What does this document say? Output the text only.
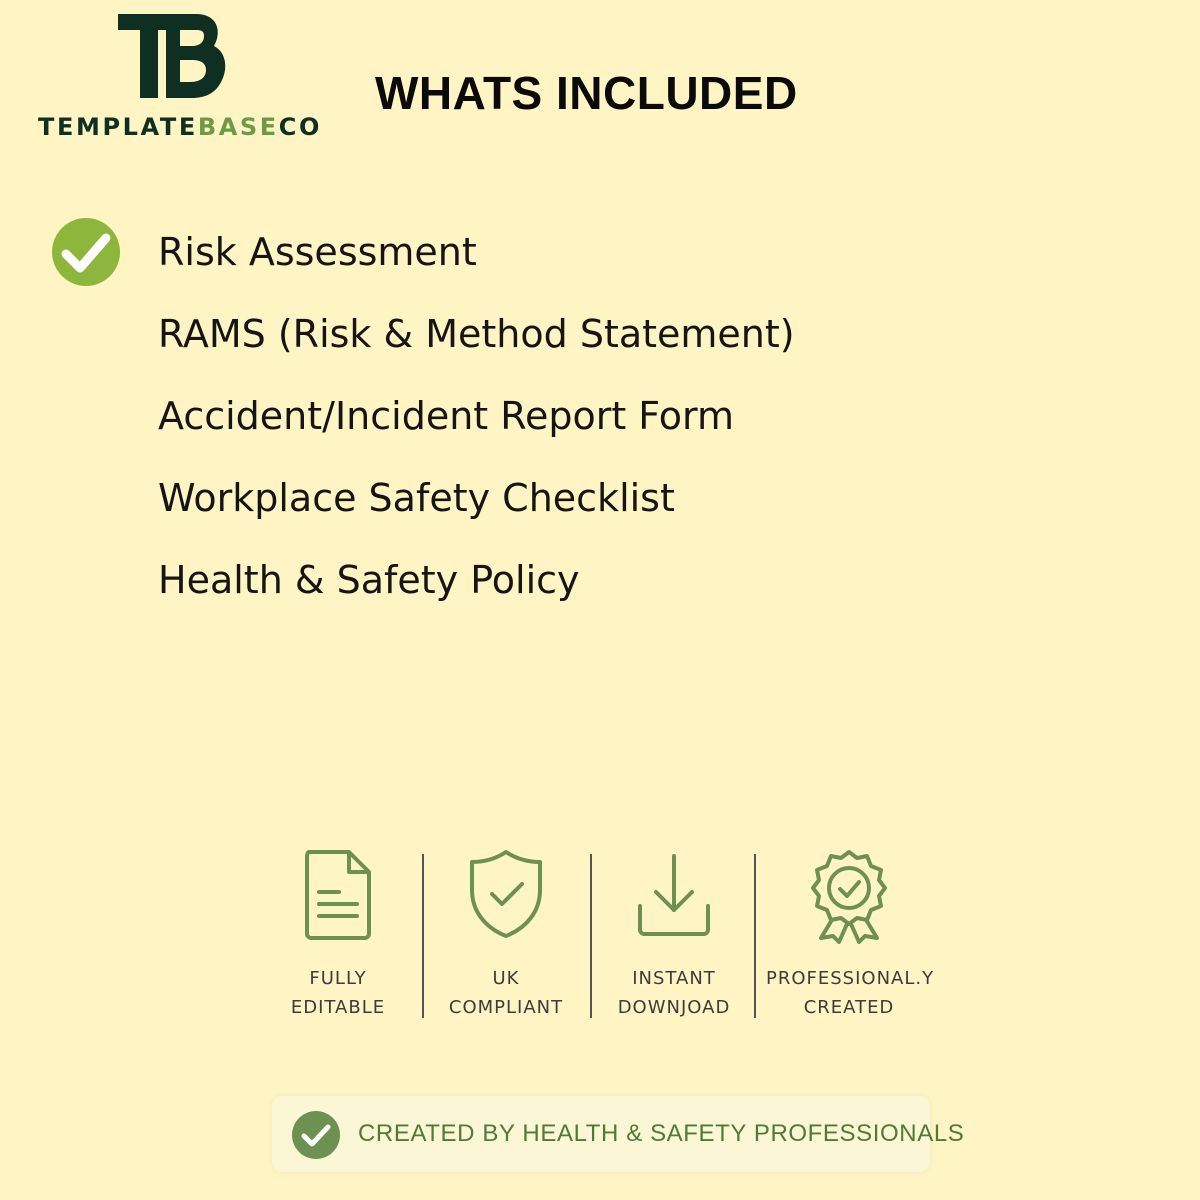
TEMPLATEBASECO
WHATS INCLUDED
Risk Assessment
RAMS (Risk & Method Statement)
Accident/Incident Report Form
Workplace Safety Checklist
Health & Safety Policy
FULLY
EDITABLE
UK
COMPLIANT
INSTANT
DOWNJOAD
PROFESSIONAL.Y
CREATED
CREATED BY HEALTH & SAFETY PROFESSIONALS
